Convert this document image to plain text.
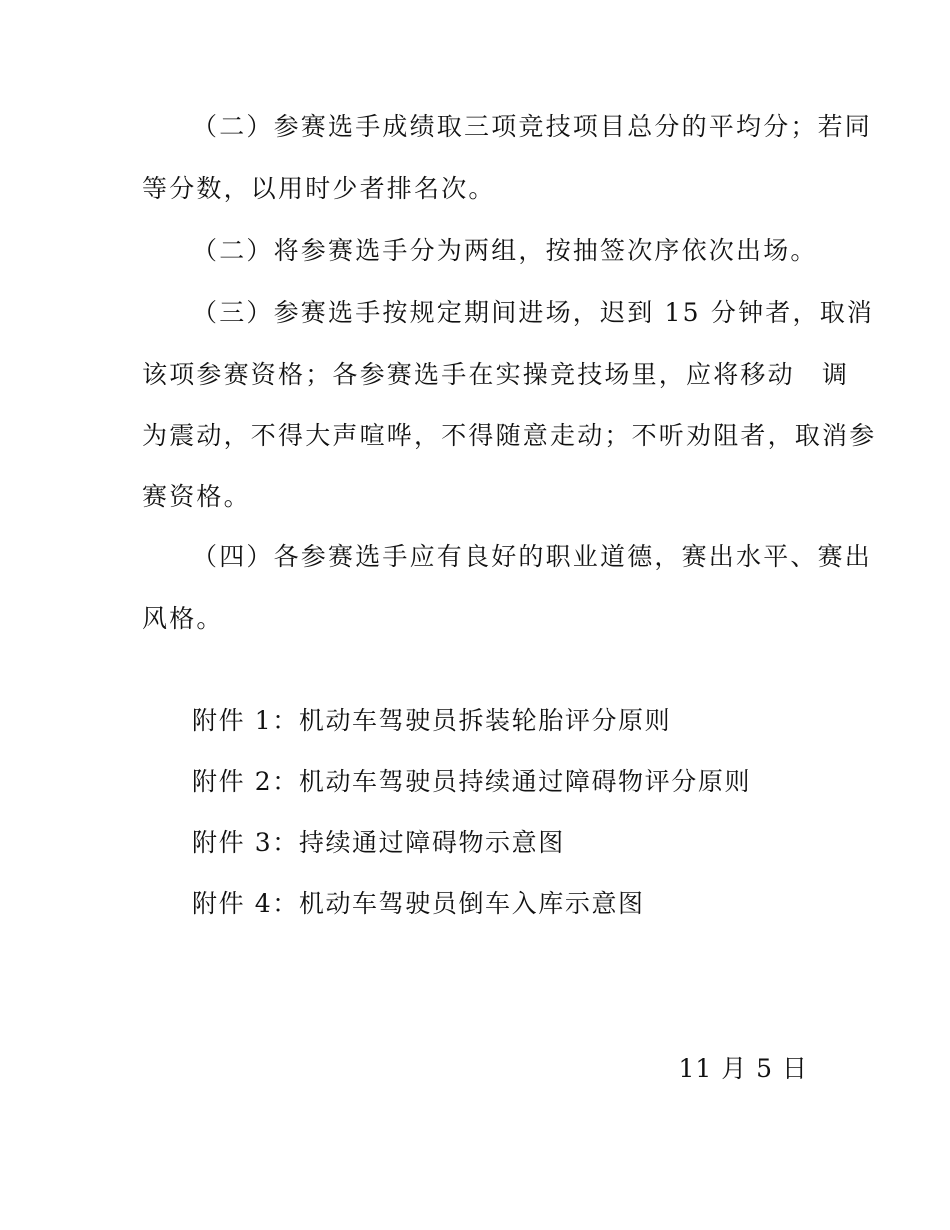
（二）参赛选手成绩取三项竞技项目总分的平均分；若同
等分数，以用时少者排名次。
（二）将参赛选手分为两组，按抽签次序依次出场。
（三）参赛选手按规定期间进场，迟到 15 分钟者，取消
该项参赛资格；各参赛选手在实操竞技场里，应将移动　调
为震动，不得大声喧哗，不得随意走动；不听劝阻者，取消参
赛资格。
（四）各参赛选手应有良好的职业道德，赛出水平、赛出
风格。
附件 1：机动车驾驶员拆装轮胎评分原则
附件 2：机动车驾驶员持续通过障碍物评分原则
附件 3：持续通过障碍物示意图
附件 4：机动车驾驶员倒车入库示意图
11 月 5 日
